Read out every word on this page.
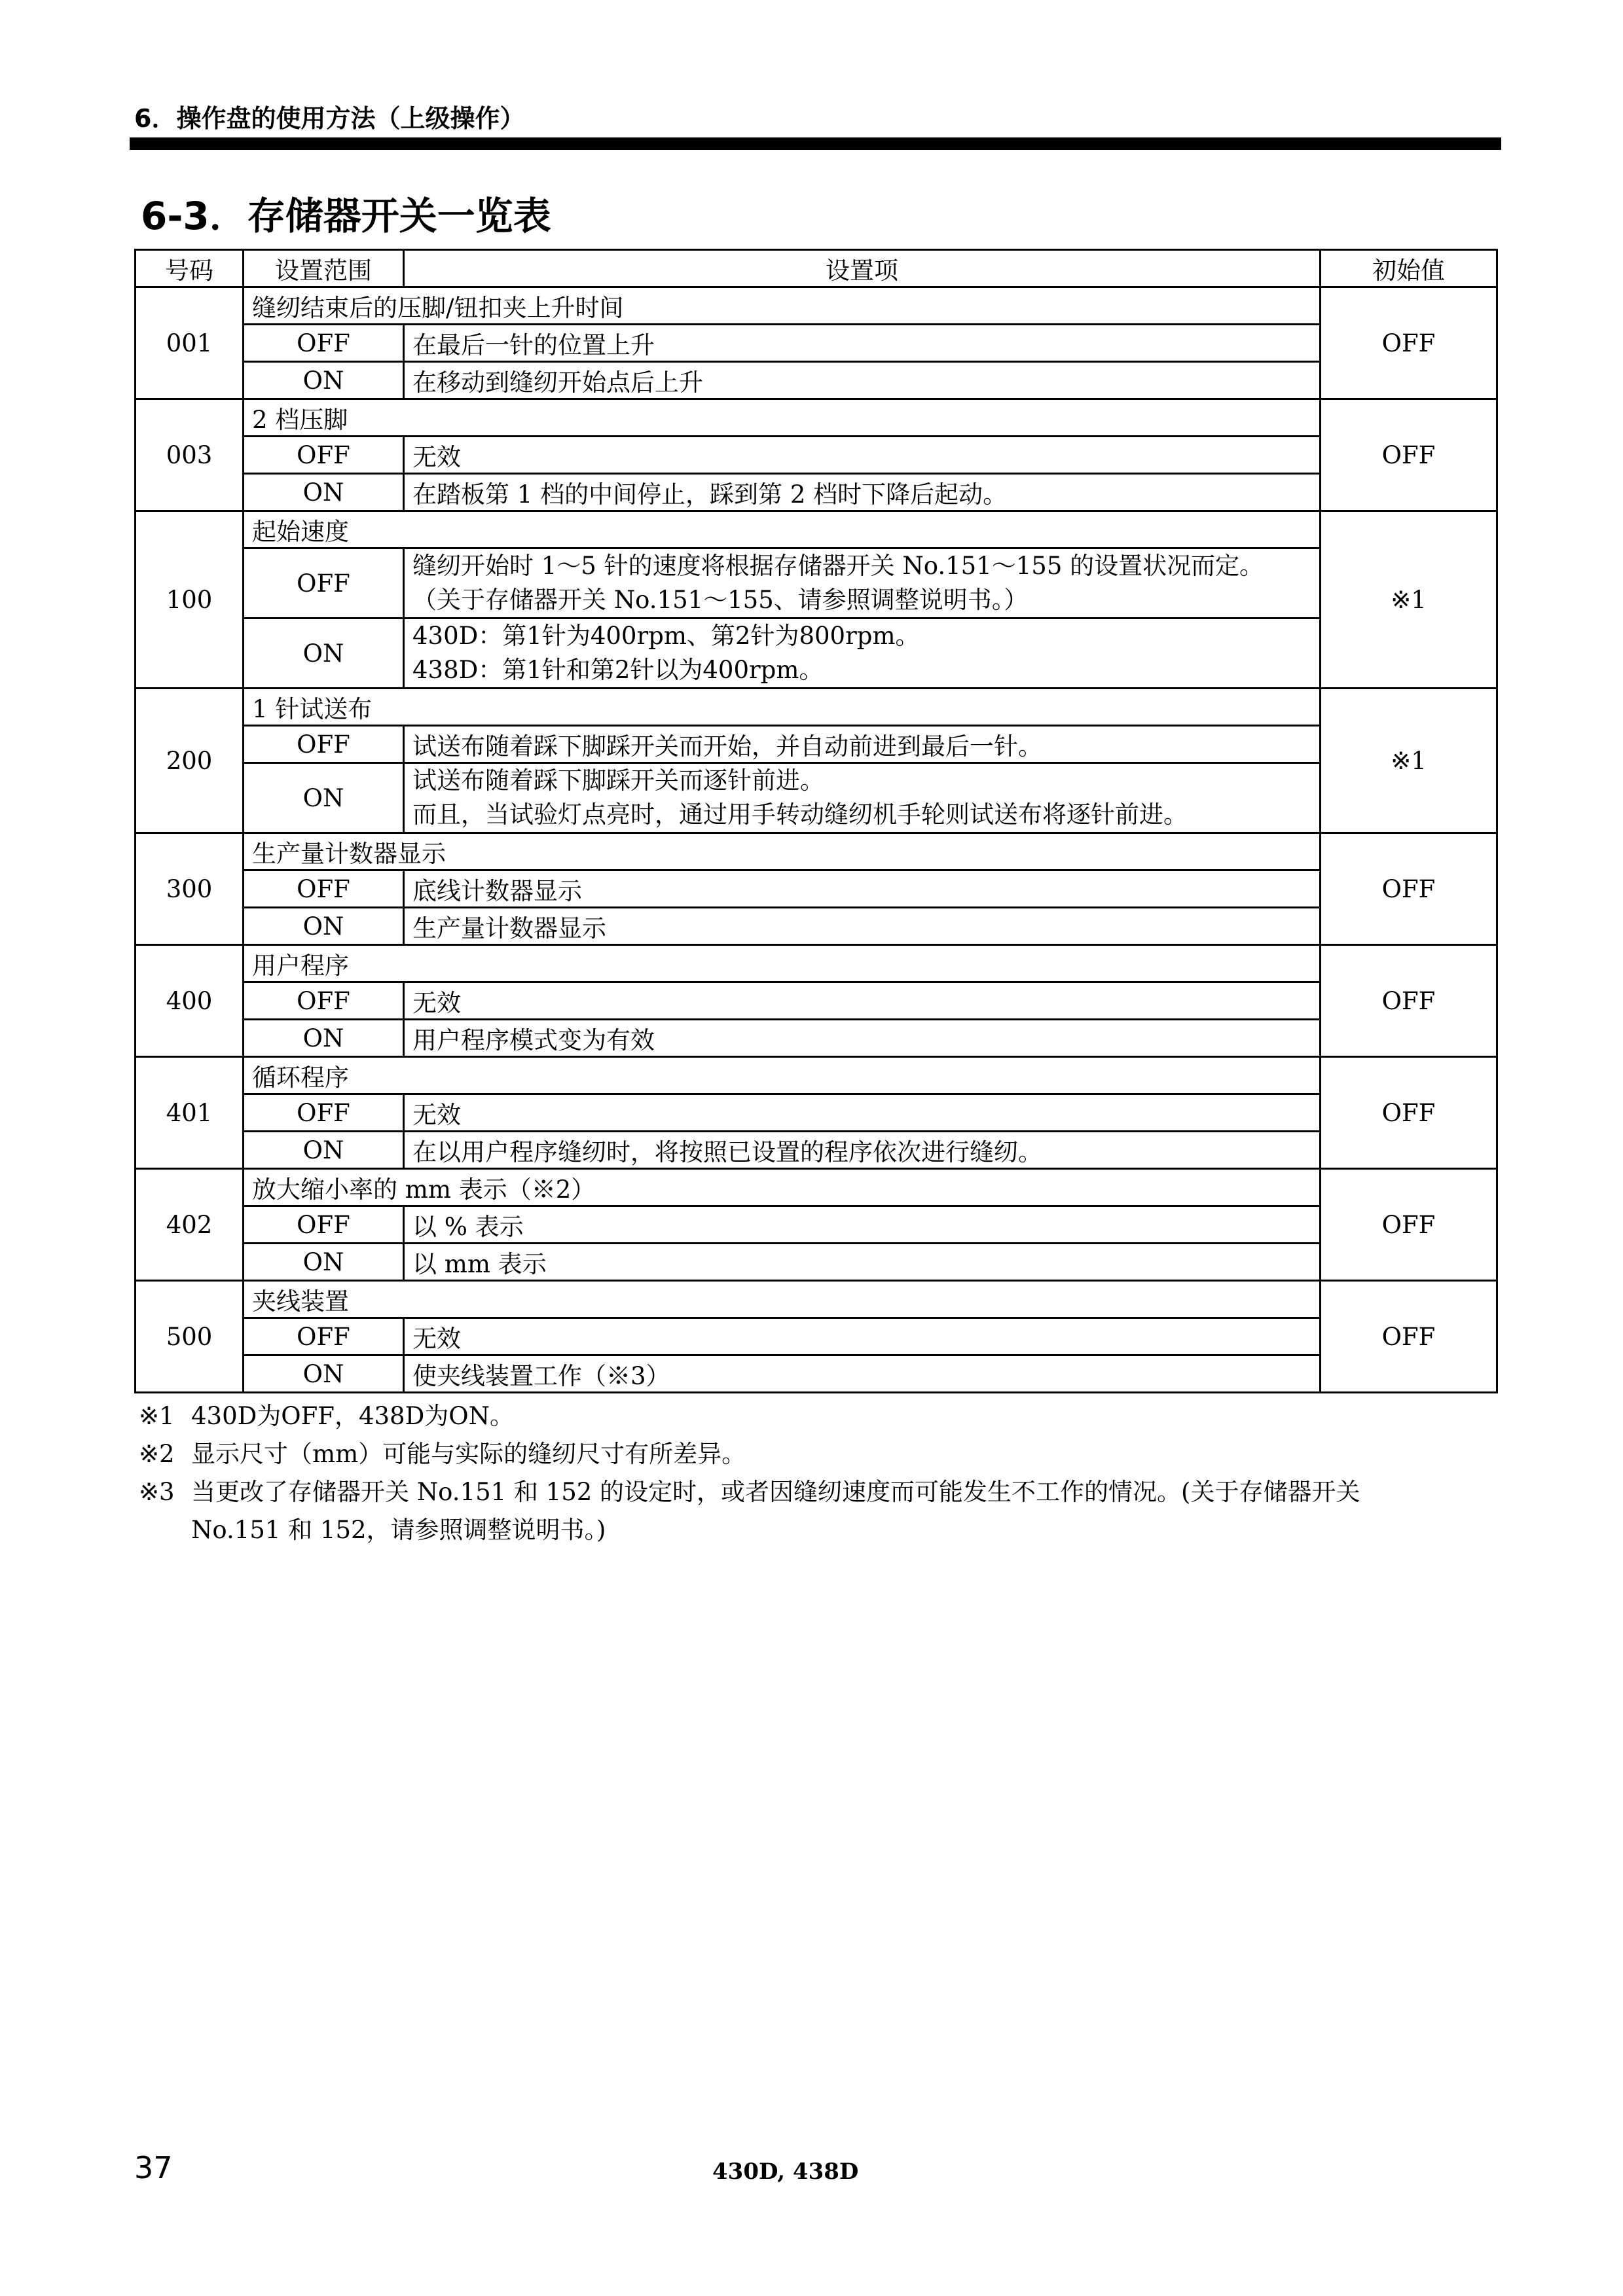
6．操作盘的使用方法（上级操作）
6-3．存储器开关一览表
号码	设置范围	设置项	初始值
001	缝纫结束后的压脚/钮扣夹上升时间		OFF
	OFF	在最后一针的位置上升	

	ON	在移动到缝纫开始点后上升	

003	2 档压脚		OFF
	OFF	无效	

	ON	在踏板第 1 档的中间停止，踩到第 2 档时下降后起动。	

100	起始速度		※1
	OFF	缝纫开始时 1～5 针的速度将根据存储器开关 No.151～155 的设置状况而定。
（关于存储器开关 No.151～155、请参照调整说明书。）	

	ON	430D：第1针为400rpm、第2针为800rpm。
438D：第1针和第2针以为400rpm。	

200	1 针试送布		※1
	OFF	试送布随着踩下脚踩开关而开始，并自动前进到最后一针。	

	ON	试送布随着踩下脚踩开关而逐针前进。
而且，当试验灯点亮时，通过用手转动缝纫机手轮则试送布将逐针前进。	

300	生产量计数器显示		OFF
	OFF	底线计数器显示	

	ON	生产量计数器显示	

400	用户程序		OFF
	OFF	无效	

	ON	用户程序模式变为有效	

401	循环程序		OFF
	OFF	无效	

	ON	在以用户程序缝纫时，将按照已设置的程序依次进行缝纫。	

402	放大缩小率的 mm 表示（※2）		OFF
	OFF	以 % 表示	

	ON	以 mm 表示	

500	夹线装置		OFF
	OFF	无效	

	ON	使夹线装置工作（※3）	
※1 430D为OFF，438D为ON。
※2 显示尺寸（mm）可能与实际的缝纫尺寸有所差异。
※3 当更改了存储器开关 No.151 和 152 的设定时，或者因缝纫速度而可能发生不工作的情况。(关于存储器开关
No.151 和 152，请参照调整说明书。)
37	430D, 438D
